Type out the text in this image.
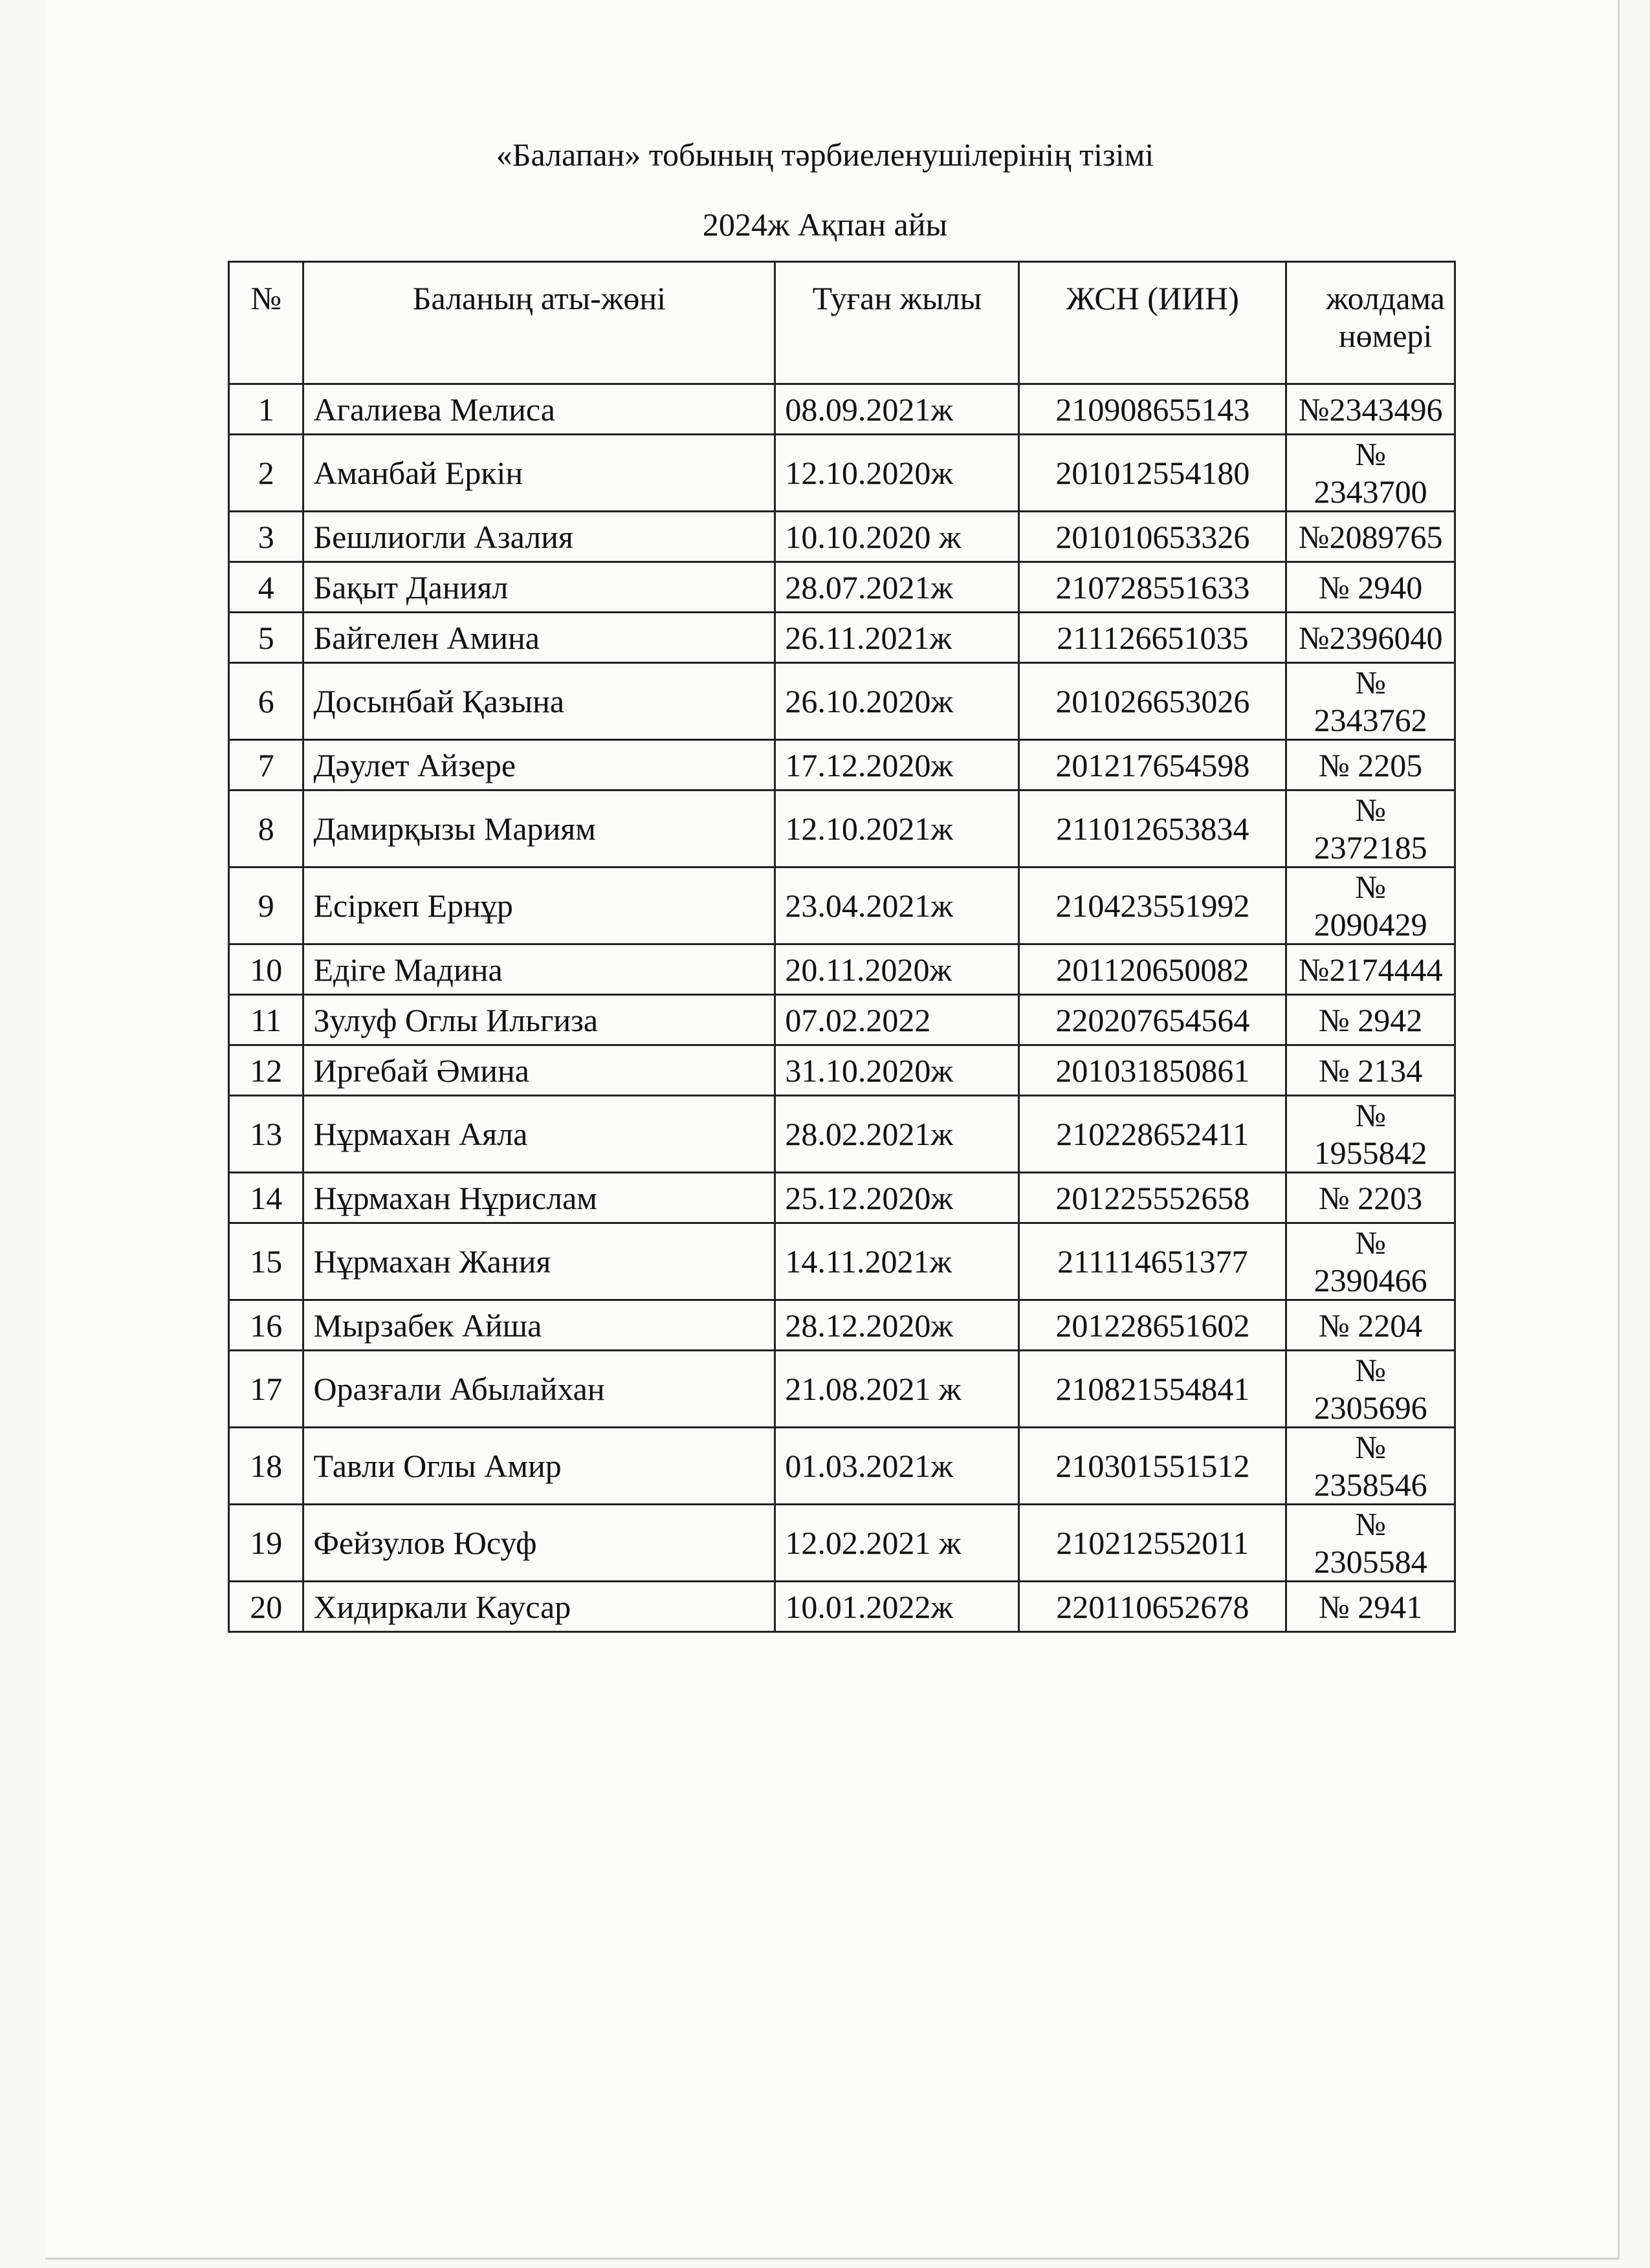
«Балапан» тобының тәрбиеленушілерінің тізімі
2024ж Ақпан айы
№	Баланың аты-жөні	Туған жылы	ЖСН (ИИН)	жолдама нөмері
1	Агалиева Мелиса	08.09.2021ж	210908655143	№2343496
2	Аманбай Еркін	12.10.2020ж	201012554180	№ 2343700
3	Бешлиогли Азалия	10.10.2020 ж	201010653326	№2089765
4	Бақыт Даниял	28.07.2021ж	210728551633	№ 2940
5	Байгелен Амина	26.11.2021ж	211126651035	№2396040
6	Досынбай Қазына	26.10.2020ж	201026653026	№ 2343762
7	Дәулет Айзере	17.12.2020ж	201217654598	№ 2205
8	Дамирқызы Мариям	12.10.2021ж	211012653834	№ 2372185
9	Есіркеп Ернұр	23.04.2021ж	210423551992	№ 2090429
10	Едіге Мадина	20.11.2020ж	201120650082	№2174444
11	Зулуф Оглы Ильгиза	07.02.2022	220207654564	№ 2942
12	Иргебай Әмина	31.10.2020ж	201031850861	№ 2134
13	Нұрмахан Аяла	28.02.2021ж	210228652411	№ 1955842
14	Нұрмахан Нұрислам	25.12.2020ж	201225552658	№ 2203
15	Нұрмахан Жания	14.11.2021ж	211114651377	№ 2390466
16	Мырзабек Айша	28.12.2020ж	201228651602	№ 2204
17	Оразғали Абылайхан	21.08.2021 ж	210821554841	№ 2305696
18	Тавли Оглы Амир	01.03.2021ж	210301551512	№ 2358546
19	Фейзулов Юсуф	12.02.2021 ж	210212552011	№ 2305584
20	Хидиркали Каусар	10.01.2022ж	220110652678	№ 2941
